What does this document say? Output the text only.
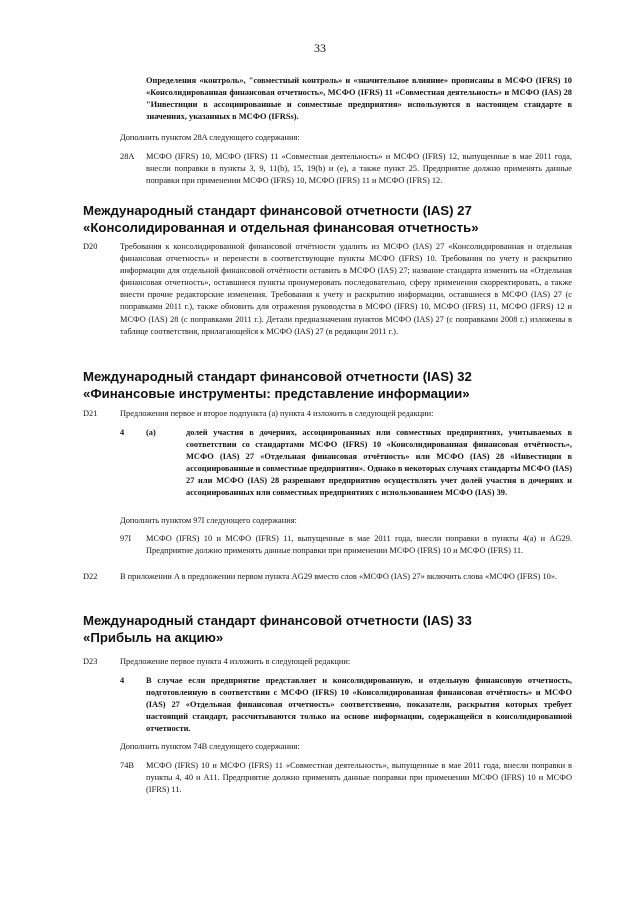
33
Определения «контроль», "совместный контроль» и «значительное влияние» прописаны в МСФО (IFRS) 10 «Консолидированная финансовая отчетность», МСФО (IFRS) 11 «Совместная деятельность» и МСФО (IAS) 28 "Инвестиции в ассоциированные и совместные предприятия» используются в настоящем стандарте в значениях, указанных в МСФО (IFRSs).
Дополнить пунктом 28A следующего содержания:
28A МСФО (IFRS) 10, МСФО (IFRS) 11 «Совместная деятельность» и МСФО (IFRS) 12, выпущенные в мае 2011 года, внесли поправки в пункты 3, 9, 11(b), 15, 19(b) и (e), а также пункт 25. Предприятие должно применять данные поправки при применении МСФО (IFRS) 10, МСФО (IFRS) 11 и МСФО (IFRS) 12.
Международный стандарт финансовой отчетности (IAS) 27
«Консолидированная и отдельная финансовая отчетность»
D20	Требования к консолидированной финансовой отчётности удалить из МСФО (IAS) 27 «Консолидированная и отдельная финансовая отчетность» и перенести в соответствующие пункты МСФО (IFRS) 10. Требования по учету и раскрытию информации для отдельной финансовой отчётности оставить в МСФО (IAS) 27; название стандарта изменить на «Отдельная финансовая отчетность», оставшиеся пункты пронумеровать последовательно, сферу применения скорректировать, а также внести прочие редакторские изменения. Требования к учету и раскрытию информации, оставшиеся в МСФО (IAS) 27 (с поправками 2011 г.), также обновить для отражения руководства в МСФО (IFRS) 10, МСФО (IFRS) 11, МСФО (IFRS) 12 и МСФО (IAS) 28 (с поправками 2011 г.). Детали предназначения пунктов МСФО (IAS) 27 (с поправками 2008 г.) изложены в таблице соответствия, прилагающейся к МСФО (IAS) 27 (в редакции 2011 г.).
Международный стандарт финансовой отчетности (IAS) 32
«Финансовые инструменты: представление информации»
D21	Предложения первое и второе подпункта (a) пункта 4 изложить в следующей редакции:
4	(a)	долей участия в дочерних, ассоциированных или совместных предприятиях, учитываемых в соответствии со стандартами МСФО (IFRS) 10 «Консолидированная финансовая отчётность», МСФО (IAS) 27 «Отдельная финансовая отчётность» или МСФО (IAS) 28 «Инвестиции в ассоциированные и совместные предприятия». Однако в некоторых случаях стандарты МСФО (IAS) 27 или МСФО (IAS) 28 разрешают предприятию осуществлять учет долей участия в дочерних и ассоциированных или совместных предприятиях с использованием МСФО (IAS) 39.
Дополнить пунктом 97I следующего содержания:
97I МСФО (IFRS) 10 и МСФО (IFRS) 11, выпущенные в мае 2011 года, внесли поправки в пункты 4(a) и AG29. Предприятие должно применять данные поправки при применении МСФО (IFRS) 10 и МСФО (IFRS) 11.
D22	В приложении A в предложении первом пункта AG29 вместо слов «МСФО (IAS) 27» включить слова «МСФО (IFRS) 10».
Международный стандарт финансовой отчетности (IAS) 33
«Прибыль на акцию»
D23	Предложение первое пункта 4 изложить в следующей редакции:
4	В случае если предприятие представляет и консолидированную, и отдельную финансовую отчетность, подготовленную в соответствии с МСФО (IFRS) 10 «Консолидированная финансовая отчётность» и МСФО (IAS) 27 «Отдельная финансовая отчетность» соответственно, показатели, раскрытия которых требует настоящий стандарт, рассчитываются только на основе информации, содержащейся в консолидированной отчетности.
Дополнить пунктом 74B следующего содержания:
74B МСФО (IFRS) 10 и МСФО (IFRS) 11 «Совместная деятельность», выпущенные в мае 2011 года, внесли поправки в пункты 4, 40 и A11. Предприятие должно применять данные поправки при применении МСФО (IFRS) 10 и МСФО (IFRS) 11.
